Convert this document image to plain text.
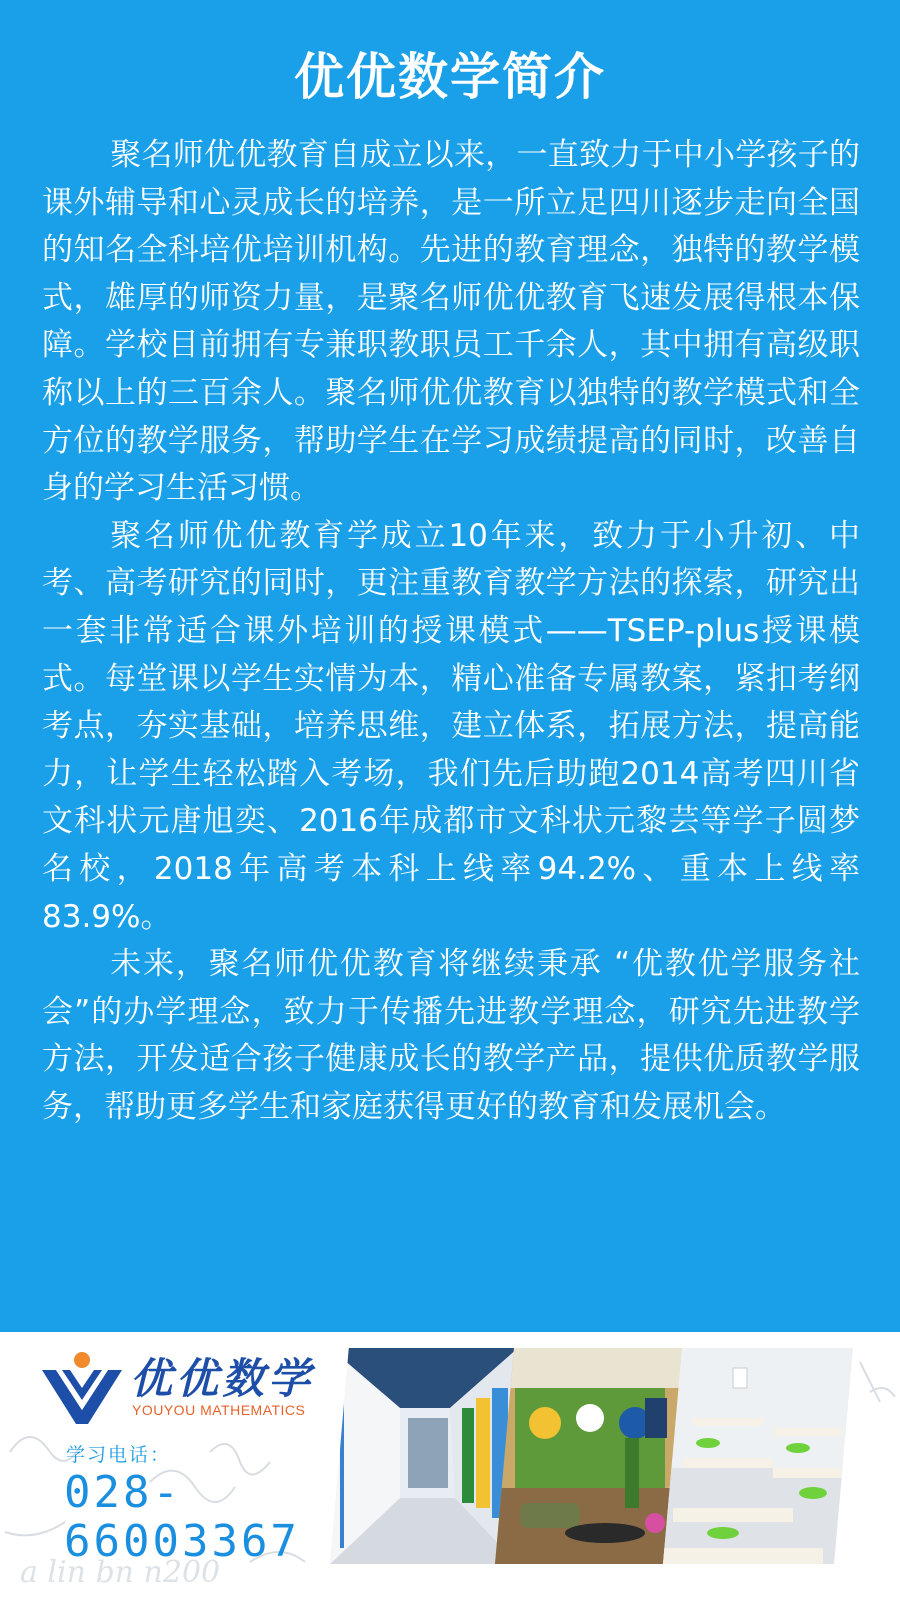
优优数学简介

聚名师优优教育自成立以来，一直致力于中小学孩子的课外辅导和心灵成长的培养，是一所立足四川逐步走向全国的知名全科培优培训机构。先进的教育理念，独特的教学模式，雄厚的师资力量，是聚名师优优教育飞速发展得根本保障。学校目前拥有专兼职教职员工千余人，其中拥有高级职称以上的三百余人。聚名师优优教育以独特的教学模式和全方位的教学服务，帮助学生在学习成绩提高的同时，改善自身的学习生活习惯。

聚名师优优教育学成立10年来，致力于小升初、中考、高考研究的同时，更注重教育教学方法的探索，研究出一套非常适合课外培训的授课模式——TSEP-plus授课模式。每堂课以学生实情为本，精心准备专属教案，紧扣考纲考点，夯实基础，培养思维，建立体系，拓展方法，提高能力，让学生轻松踏入考场，我们先后助跑2014高考四川省文科状元唐旭奕、2016年成都市文科状元黎芸等学子圆梦名校，2018年高考本科上线率94.2%、重本上线率83.9%。

未来，聚名师优优教育将继续秉承 “优教优学服务社会”的办学理念，致力于传播先进教学理念，研究先进教学方法，开发适合孩子健康成长的教学产品，提供优质教学服务，帮助更多学生和家庭获得更好的教育和发展机会。

a lin bn n200
优优数学
YOUYOU MATHEMATICS
学习电话：
028-
66003367
